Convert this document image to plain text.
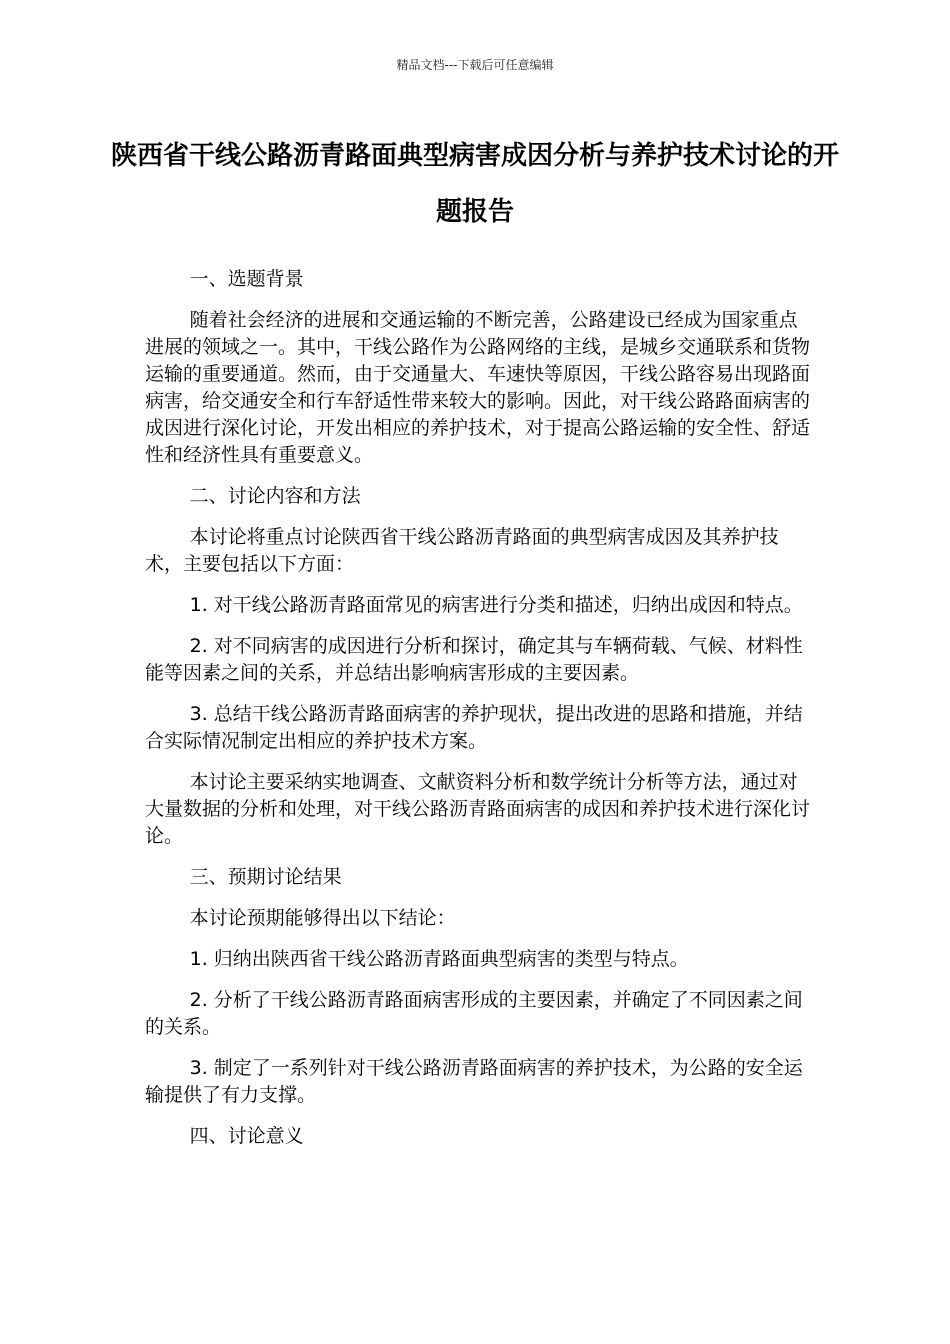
精品文档---下载后可任意编辑
陕西省干线公路沥青路面典型病害成因分析与养护技术讨论的开题报告

一、选题背景

随着社会经济的进展和交通运输的不断完善，公路建设已经成为国家重点进展的领域之一。其中，干线公路作为公路网络的主线，是城乡交通联系和货物运输的重要通道。然而，由于交通量大、车速快等原因，干线公路容易出现路面病害，给交通安全和行车舒适性带来较大的影响。因此，对干线公路路面病害的成因进行深化讨论，开发出相应的养护技术，对于提高公路运输的安全性、舒适性和经济性具有重要意义。

二、讨论内容和方法

本讨论将重点讨论陕西省干线公路沥青路面的典型病害成因及其养护技术，主要包括以下方面：

1. 对干线公路沥青路面常见的病害进行分类和描述，归纳出成因和特点。

2. 对不同病害的成因进行分析和探讨，确定其与车辆荷载、气候、材料性能等因素之间的关系，并总结出影响病害形成的主要因素。

3. 总结干线公路沥青路面病害的养护现状，提出改进的思路和措施，并结合实际情况制定出相应的养护技术方案。

本讨论主要采纳实地调查、文献资料分析和数学统计分析等方法，通过对大量数据的分析和处理，对干线公路沥青路面病害的成因和养护技术进行深化讨论。

三、预期讨论结果

本讨论预期能够得出以下结论：

1. 归纳出陕西省干线公路沥青路面典型病害的类型与特点。

2. 分析了干线公路沥青路面病害形成的主要因素，并确定了不同因素之间的关系。

3. 制定了一系列针对干线公路沥青路面病害的养护技术，为公路的安全运输提供了有力支撑。

四、讨论意义
